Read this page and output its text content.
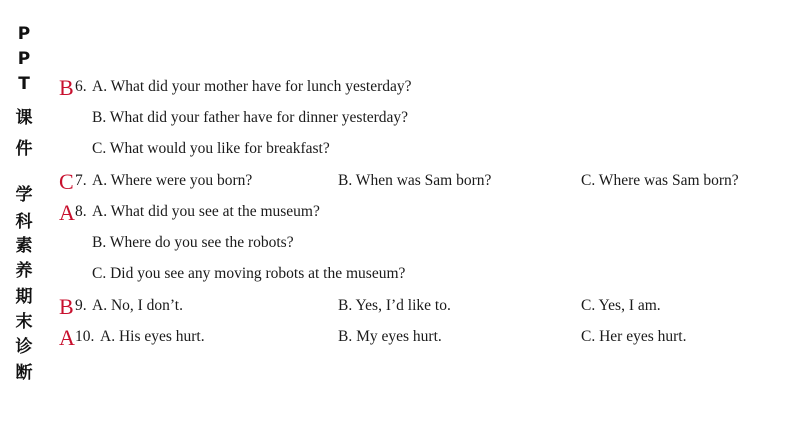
P
P
T
课
件
学
科
素
养
期
末
诊
断
B 6. A. What did your mother have for lunch yesterday?
B. What did your father have for dinner yesterday?
C. What would you like for breakfast?
C 7. A. Where were you born?	B. When was Sam born?	C. Where was Sam born?
A 8. A. What did you see at the museum?
B. Where do you see the robots?
C. Did you see any moving robots at the museum?
B 9. A. No, I don’t.	B. Yes, I’d like to.	C. Yes, I am.
A 10. A. His eyes hurt.	B. My eyes hurt.	C. Her eyes hurt.
